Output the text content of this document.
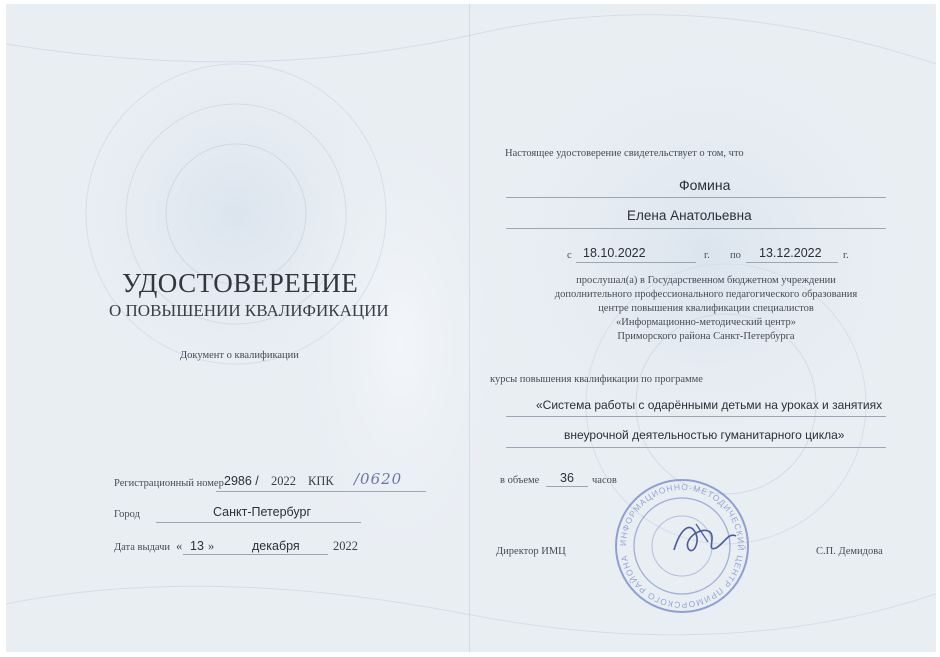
УДОСТОВЕРЕНИЕ
О ПОВЫШЕНИИ КВАЛИФИКАЦИИ
Документ о квалификации
Регистрационный номер 2986 / 2022 КПК /0620
Город	Санкт-Петербург
Дата выдачи « 13 »	декабря	2022
Настоящее удостоверение свидетельствует о том, что
Фомина
Елена Анатольевна
с 18.10.2022	г. по 13.12.2022 г.
прослушал(а) в Государственном бюджетном учреждении
дополнительного профессионального педагогического образования
центре повышения квалификации специалистов
«Информационно-методический центр»
Приморского района Санкт-Петербурга
курсы повышения квалификации по программе
«Система работы с одарёнными детьми на уроках и занятиях
внеурочной деятельностью гуманитарного цикла»
в объеме 36 часов
Директор ИМЦ	С.П. Демидова
ИНФОРМАЦИОННО-МЕТОДИЧЕСКИЙ ЦЕНТР ПРИМОРСКОГО РАЙОНА
